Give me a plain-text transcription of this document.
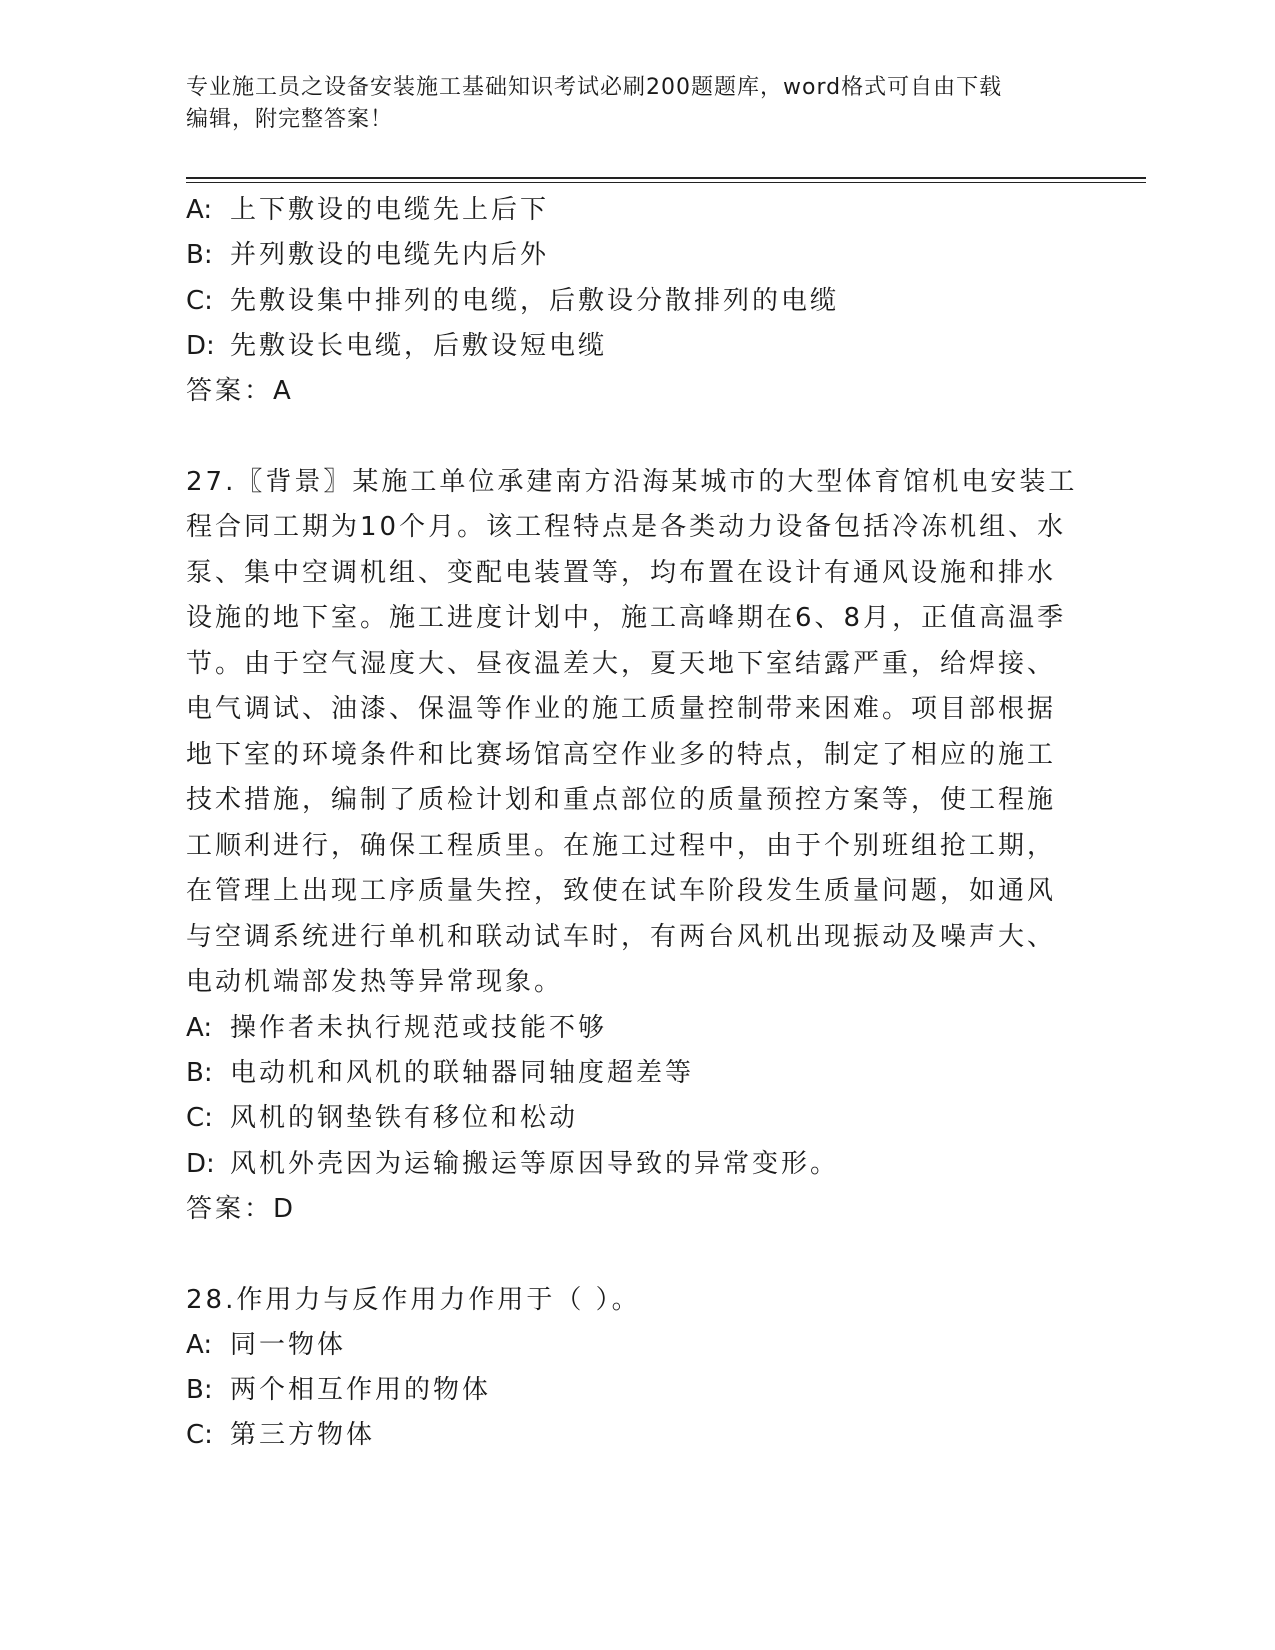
专业施工员之设备安装施工基础知识考试必刷200题题库，word格式可自由下载
编辑，附完整答案！
A: 上下敷设的电缆先上后下
B: 并列敷设的电缆先内后外
C: 先敷设集中排列的电缆，后敷设分散排列的电缆
D: 先敷设长电缆，后敷设短电缆
答案：A
27.〖背景〗某施工单位承建南方沿海某城市的大型体育馆机电安装工
程合同工期为10个月。该工程特点是各类动力设备包括冷冻机组、水
泵、集中空调机组、变配电装置等，均布置在设计有通风设施和排水
设施的地下室。施工进度计划中，施工高峰期在6、8月，正值高温季
节。由于空气湿度大、昼夜温差大，夏天地下室结露严重，给焊接、
电气调试、油漆、保温等作业的施工质量控制带来困难。项目部根据
地下室的环境条件和比赛场馆高空作业多的特点，制定了相应的施工
技术措施，编制了质检计划和重点部位的质量预控方案等，使工程施
工顺利进行，确保工程质里。在施工过程中，由于个别班组抢工期，
在管理上出现工序质量失控，致使在试车阶段发生质量问题，如通风
与空调系统进行单机和联动试车时，有两台风机出现振动及噪声大、
电动机端部发热等异常现象。
A: 操作者未执行规范或技能不够
B: 电动机和风机的联轴器同轴度超差等
C: 风机的钢垫铁有移位和松动
D: 风机外壳因为运输搬运等原因导致的异常变形。
答案：D
28.作用力与反作用力作用于（ ）。
A: 同一物体
B: 两个相互作用的物体
C: 第三方物体
